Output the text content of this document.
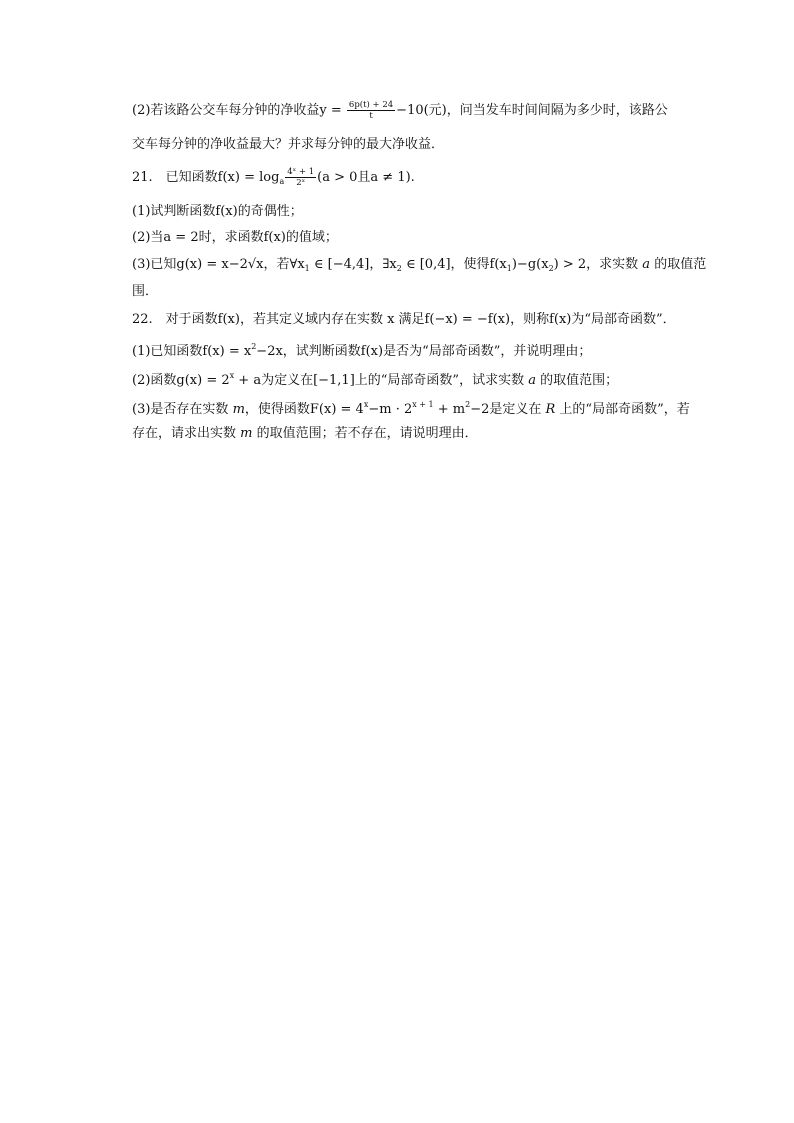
(2)若该路公交车每分钟的净收益$y = \frac{6p(t) + 24}{t} -10$(元)，问当发车时间间隔为多少时，该路公
交车每分钟的净收益最大？并求每分钟的最大净收益．
21.　已知函数$f(x) = \log_a \frac{\text{4ˣ + 1}}{\text{2ˣ}} (a > 0$且a ≠ 1).
(1)试判断函数f(x)的奇偶性；
(2)当a = 2时，求函数f(x)的值域；
(3)已知g(x) = x−2√x，若$\forall x_1$ ∈ [−4,4]，$\exists x_2$ ∈ [0,4]，使得$f(x_1)-g(x_2) > 2$，求实数 a 的取值范
围．
22.　对于函数f(x)，若其定义域内存在实数 x 满足f(−x) = −f(x)，则称f(x)为“局部奇函数”．
(1)已知函数$f(x) = x^2-2x$，试判断函数f(x)是否为“局部奇函数”，并说明理由；
(2)函数$g(x) = 2^x + a$为定义在[−1,1]上的“局部奇函数”，试求实数 a 的取值范围；
(3)是否存在实数 m，使得函数$F(x) = 4^x-m \cdot 2^{x + 1} + m^2-2$是定义在 R 上的“局部奇函数”，若
存在，请求出实数 m 的取值范围；若不存在，请说明理由．
